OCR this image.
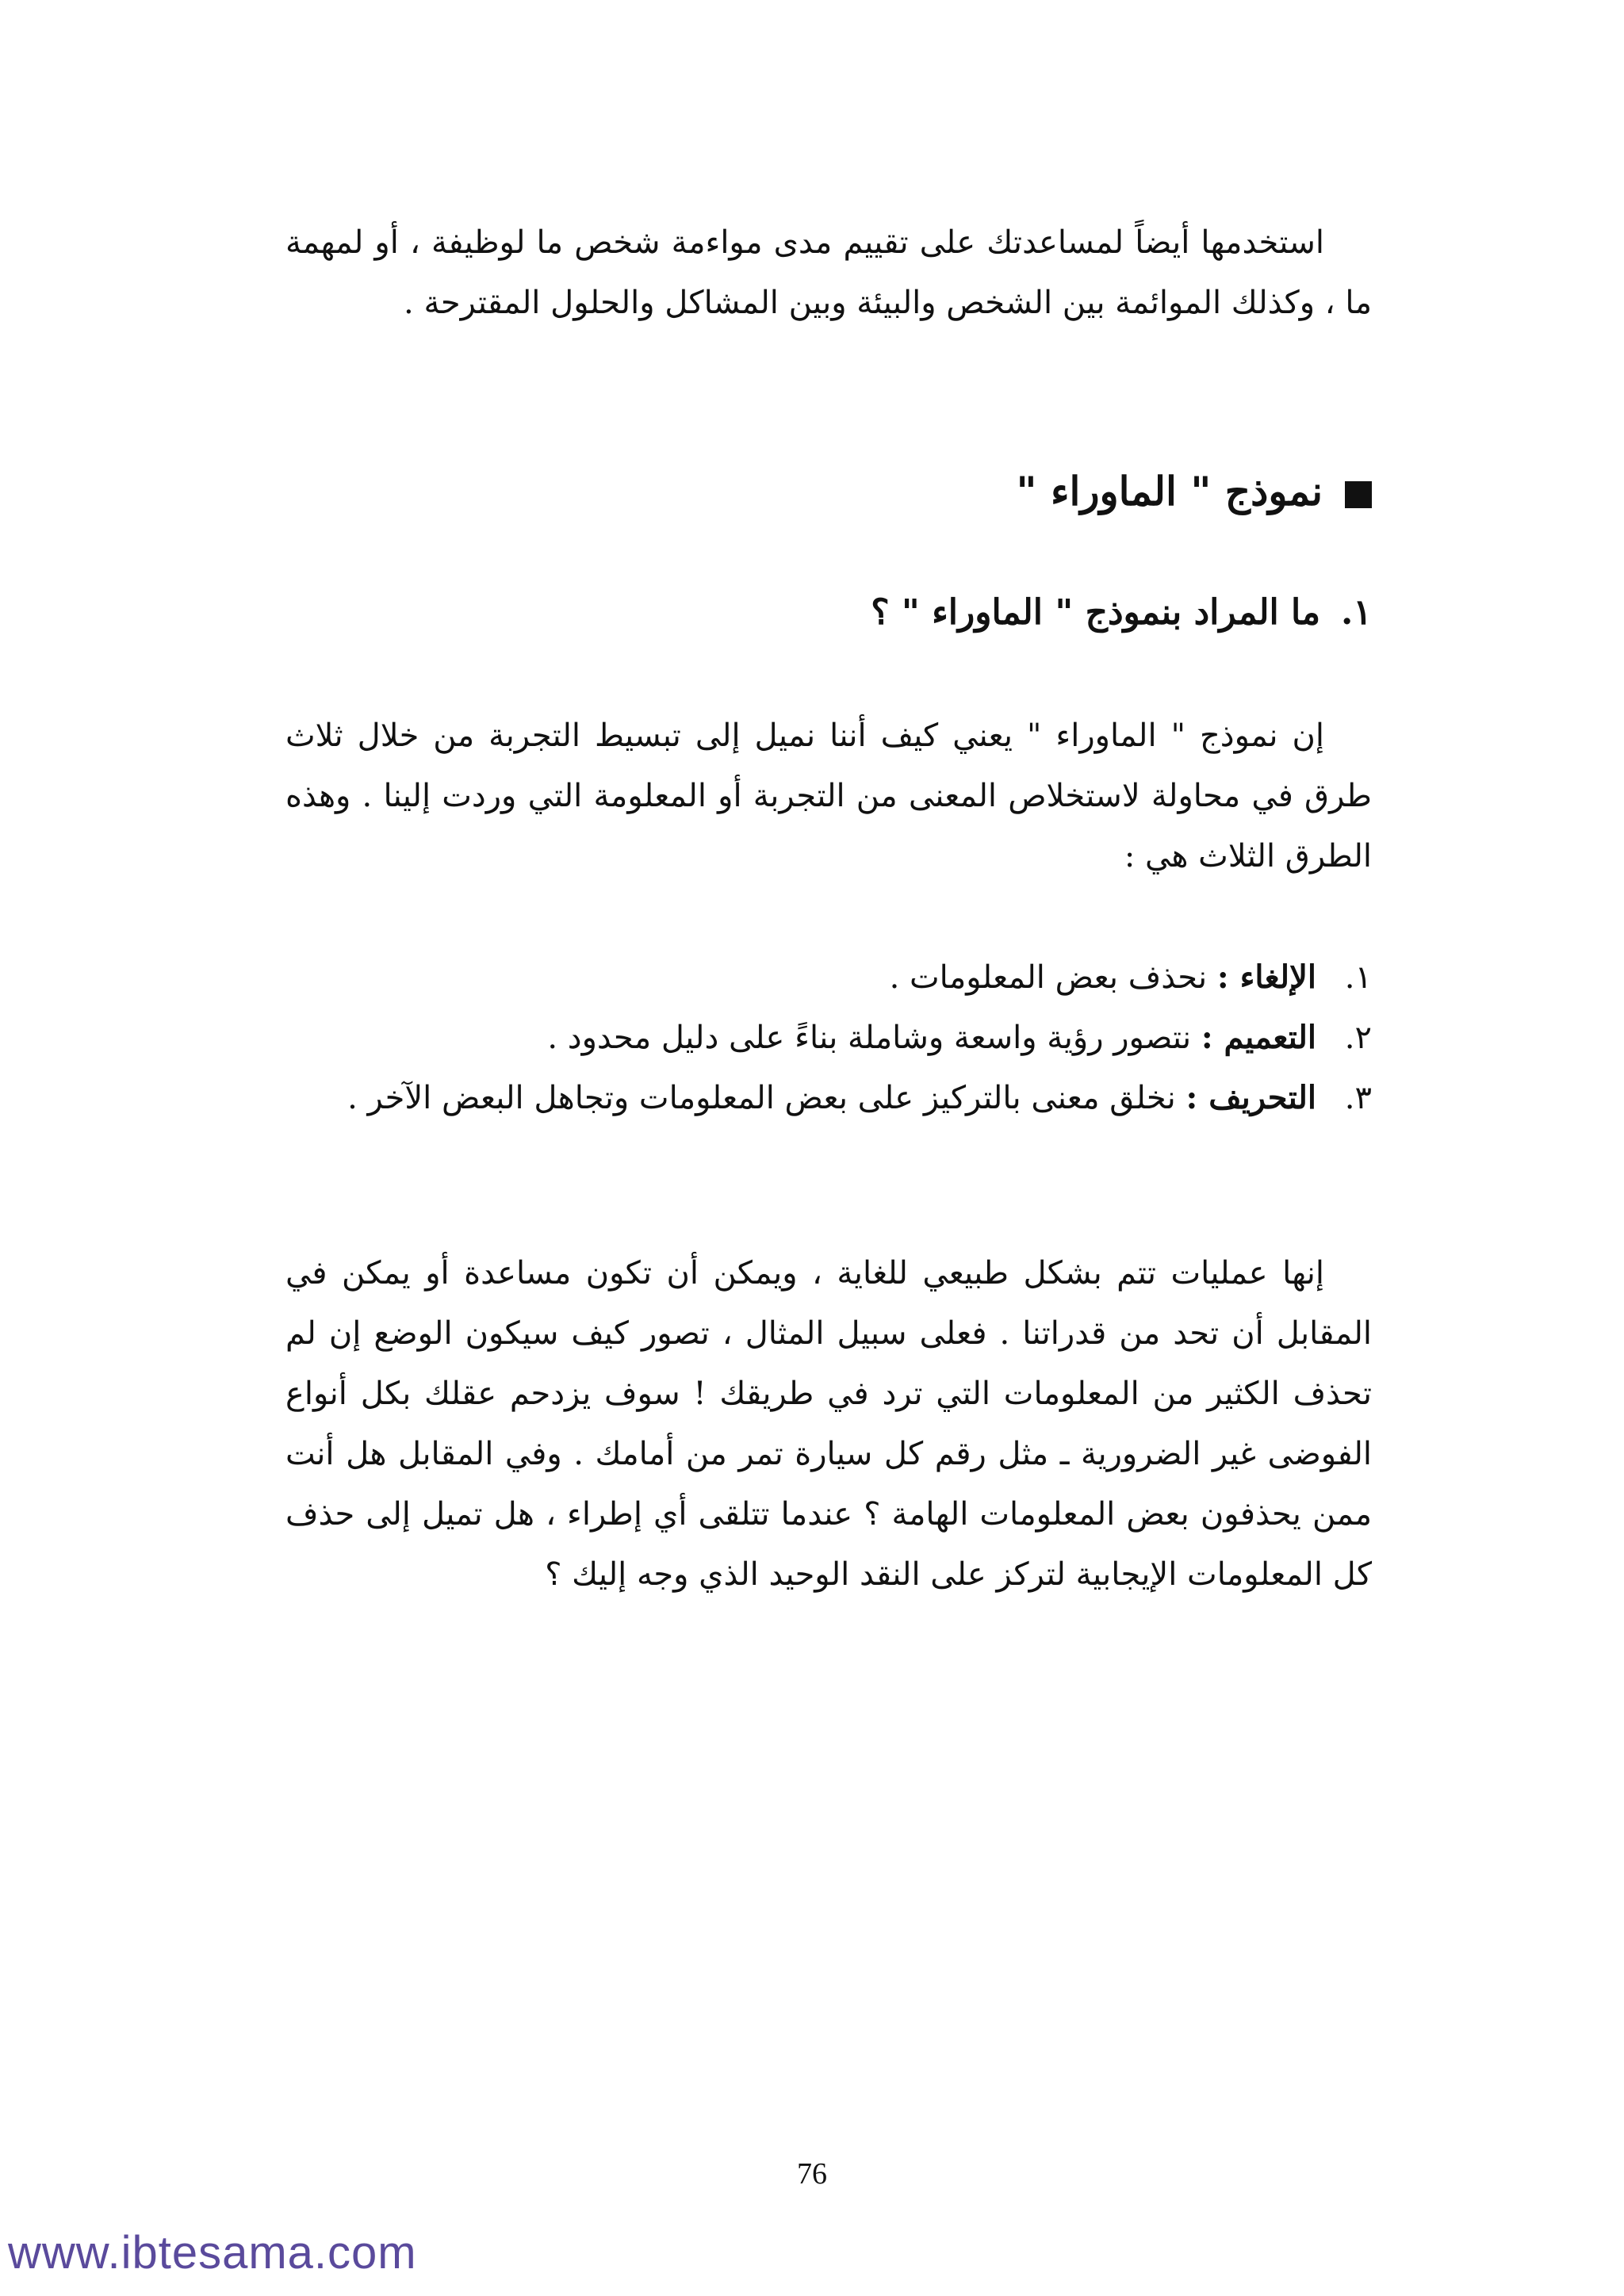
استخدمها أيضاً لمساعدتك على تقييم مدى مواءمة شخص ما لوظيفة ، أو لمهمة ما ، وكذلك الموائمة بين الشخص والبيئة وبين المشاكل والحلول المقترحة .

نموذج " الماوراء "
١.ما المراد بنموذج " الماوراء " ؟

إن نموذج " الماوراء " يعني كيف أننا نميل إلى تبسيط التجربة من خلال ثلاث طرق في محاولة لاستخلاص المعنى من التجربة أو المعلومة التي وردت إلينا . وهذه الطرق الثلاث هي :

١.
الإلغاء : نحذف بعض المعلومات .
٢.
التعميم : نتصور رؤية واسعة وشاملة بناءً على دليل محدود .
٣.
التحريف : نخلق معنى بالتركيز على بعض المعلومات وتجاهل البعض الآخر .

إنها عمليات تتم بشكل طبيعي للغاية ، ويمكن أن تكون مساعدة أو يمكن في المقابل أن تحد من قدراتنا . فعلى سبيل المثال ، تصور كيف سيكون الوضع إن لم تحذف الكثير من المعلومات التي ترد في طريقك ! سوف يزدحم عقلك بكل أنواع الفوضى غير الضرورية ـ مثل رقم كل سيارة تمر من أمامك . وفي المقابل هل أنت ممن يحذفون بعض المعلومات الهامة ؟ عندما تتلقى أي إطراء ، هل تميل إلى حذف كل المعلومات الإيجابية لتركز على النقد الوحيد الذي وجه إليك ؟

76
www.ibtesama.com
